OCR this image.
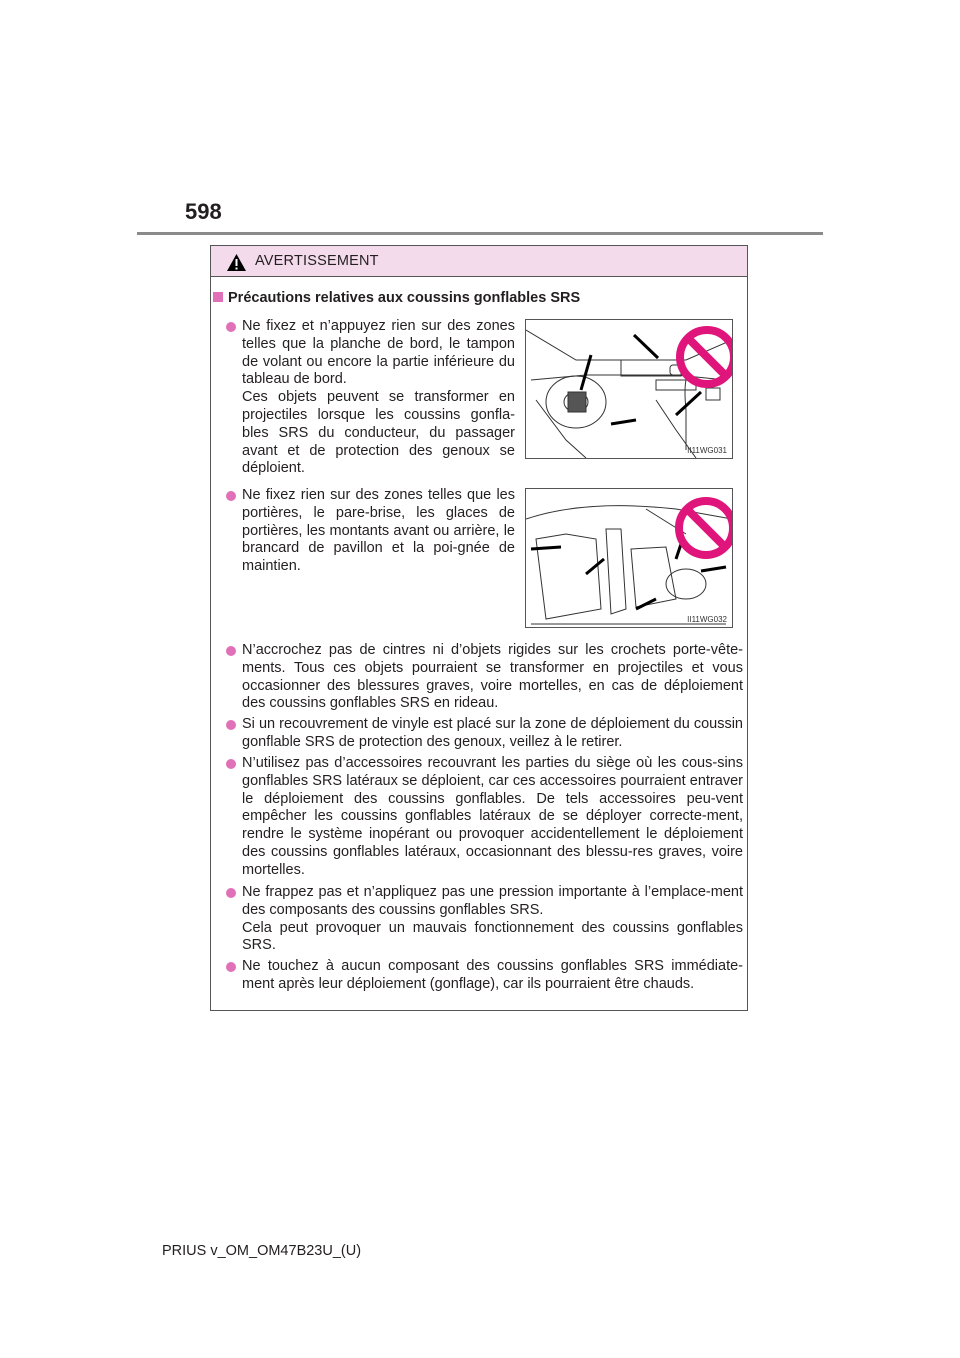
598
AVERTISSEMENT
Précautions relatives aux coussins gonflables SRS

Ne fixez et n’appuyez rien sur des zones telles que la planche de bord, le tampon de volant ou encore la partie inférieure du tableau de bord.

Ces objets peuvent se transformer en projectiles lorsque les coussins gonfla-bles SRS du conducteur, du passager avant et de protection des genoux se déploient.

II11WG031

Ne fixez rien sur des zones telles que les portières, le pare-brise, les glaces de portières, les montants avant ou arrière, le brancard de pavillon et la poi-gnée de maintien.

II11WG032

N’accrochez pas de cintres ni d’objets rigides sur les crochets porte-vête-ments. Tous ces objets pourraient se transformer en projectiles et vous occasionner des blessures graves, voire mortelles, en cas de déploiement des coussins gonflables SRS en rideau.

Si un recouvrement de vinyle est placé sur la zone de déploiement du coussin gonflable SRS de protection des genoux, veillez à le retirer.

N’utilisez pas d’accessoires recouvrant les parties du siège où les cous-sins gonflables SRS latéraux se déploient, car ces accessoires pourraient entraver le déploiement des coussins gonflables. De tels accessoires peu-vent empêcher les coussins gonflables latéraux de se déployer correcte-ment, rendre le système inopérant ou provoquer accidentellement le déploiement des coussins gonflables latéraux, occasionnant des blessu-res graves, voire mortelles.

Ne frappez pas et n’appliquez pas une pression importante à l’emplace-ment des composants des coussins gonflables SRS.

Cela peut provoquer un mauvais fonctionnement des coussins gonflables SRS.

Ne touchez à aucun composant des coussins gonflables SRS immédiate-ment après leur déploiement (gonflage), car ils pourraient être chauds.

PRIUS v_OM_OM47B23U_(U)
